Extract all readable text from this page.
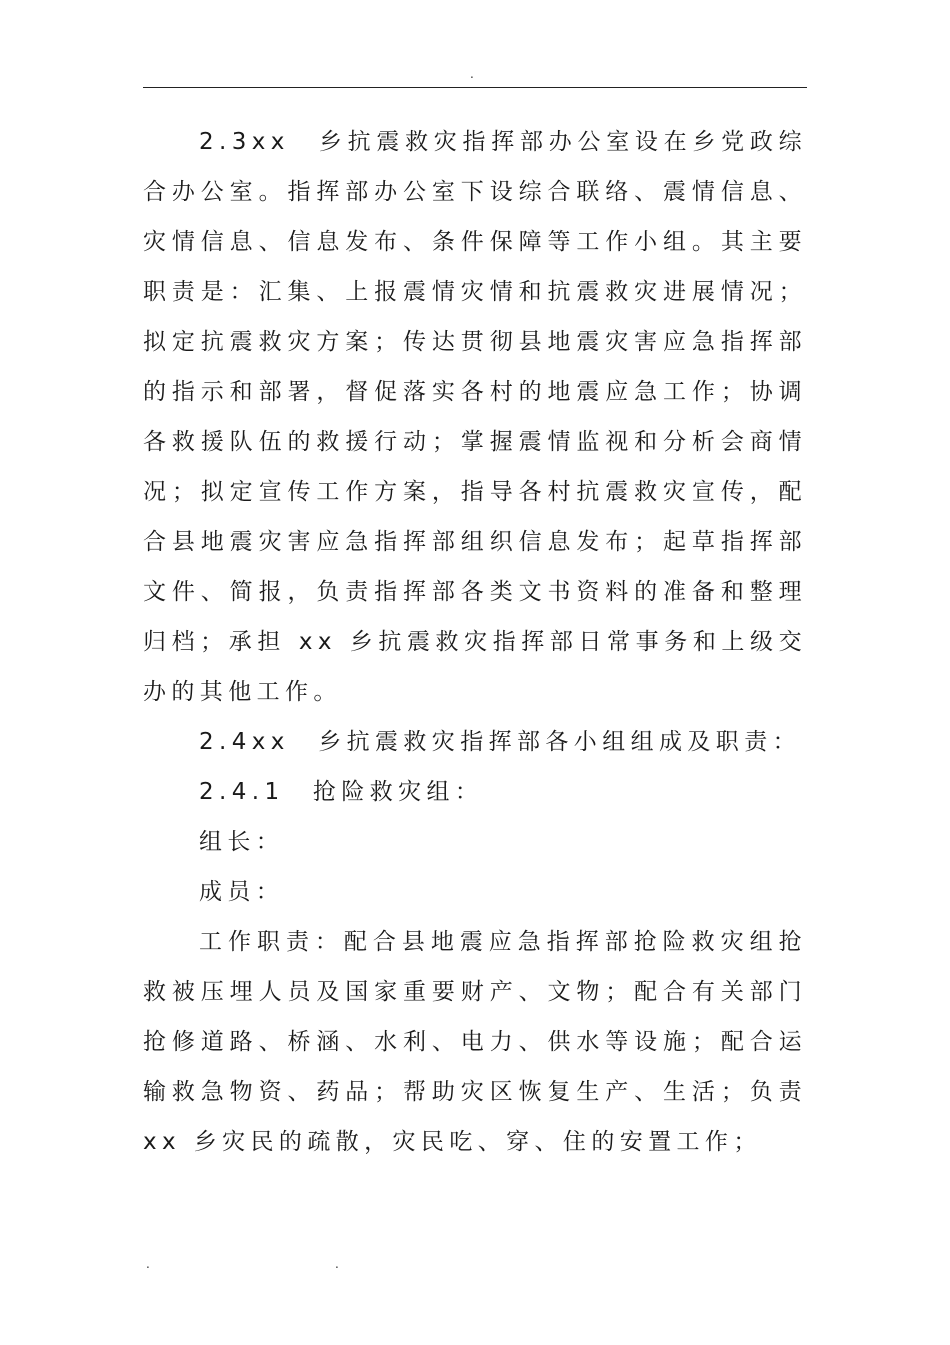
.

2.3xx　乡抗震救灾指挥部办公室设在乡党政综合办公室。指挥部办公室下设综合联络、震情信息、灾情信息、信息发布、条件保障等工作小组。其主要职责是：汇集、上报震情灾情和抗震救灾进展情况；拟定抗震救灾方案；传达贯彻县地震灾害应急指挥部的指示和部署，督促落实各村的地震应急工作；协调各救援队伍的救援行动；掌握震情监视和分析会商情况；拟定宣传工作方案，指导各村抗震救灾宣传，配合县地震灾害应急指挥部组织信息发布；起草指挥部文件、简报，负责指挥部各类文书资料的准备和整理归档；承担 xx 乡抗震救灾指挥部日常事务和上级交办的其他工作。

2.4xx　乡抗震救灾指挥部各小组组成及职责：

2.4.1　抢险救灾组：

组长：

成员：

工作职责：配合县地震应急指挥部抢险救灾组抢救被压埋人员及国家重要财产、文物；配合有关部门抢修道路、桥涵、水利、电力、供水等设施；配合运输救急物资、药品；帮助灾区恢复生产、生活；负责 xx 乡灾民的疏散，灾民吃、穿、住的安置工作；

.	.
